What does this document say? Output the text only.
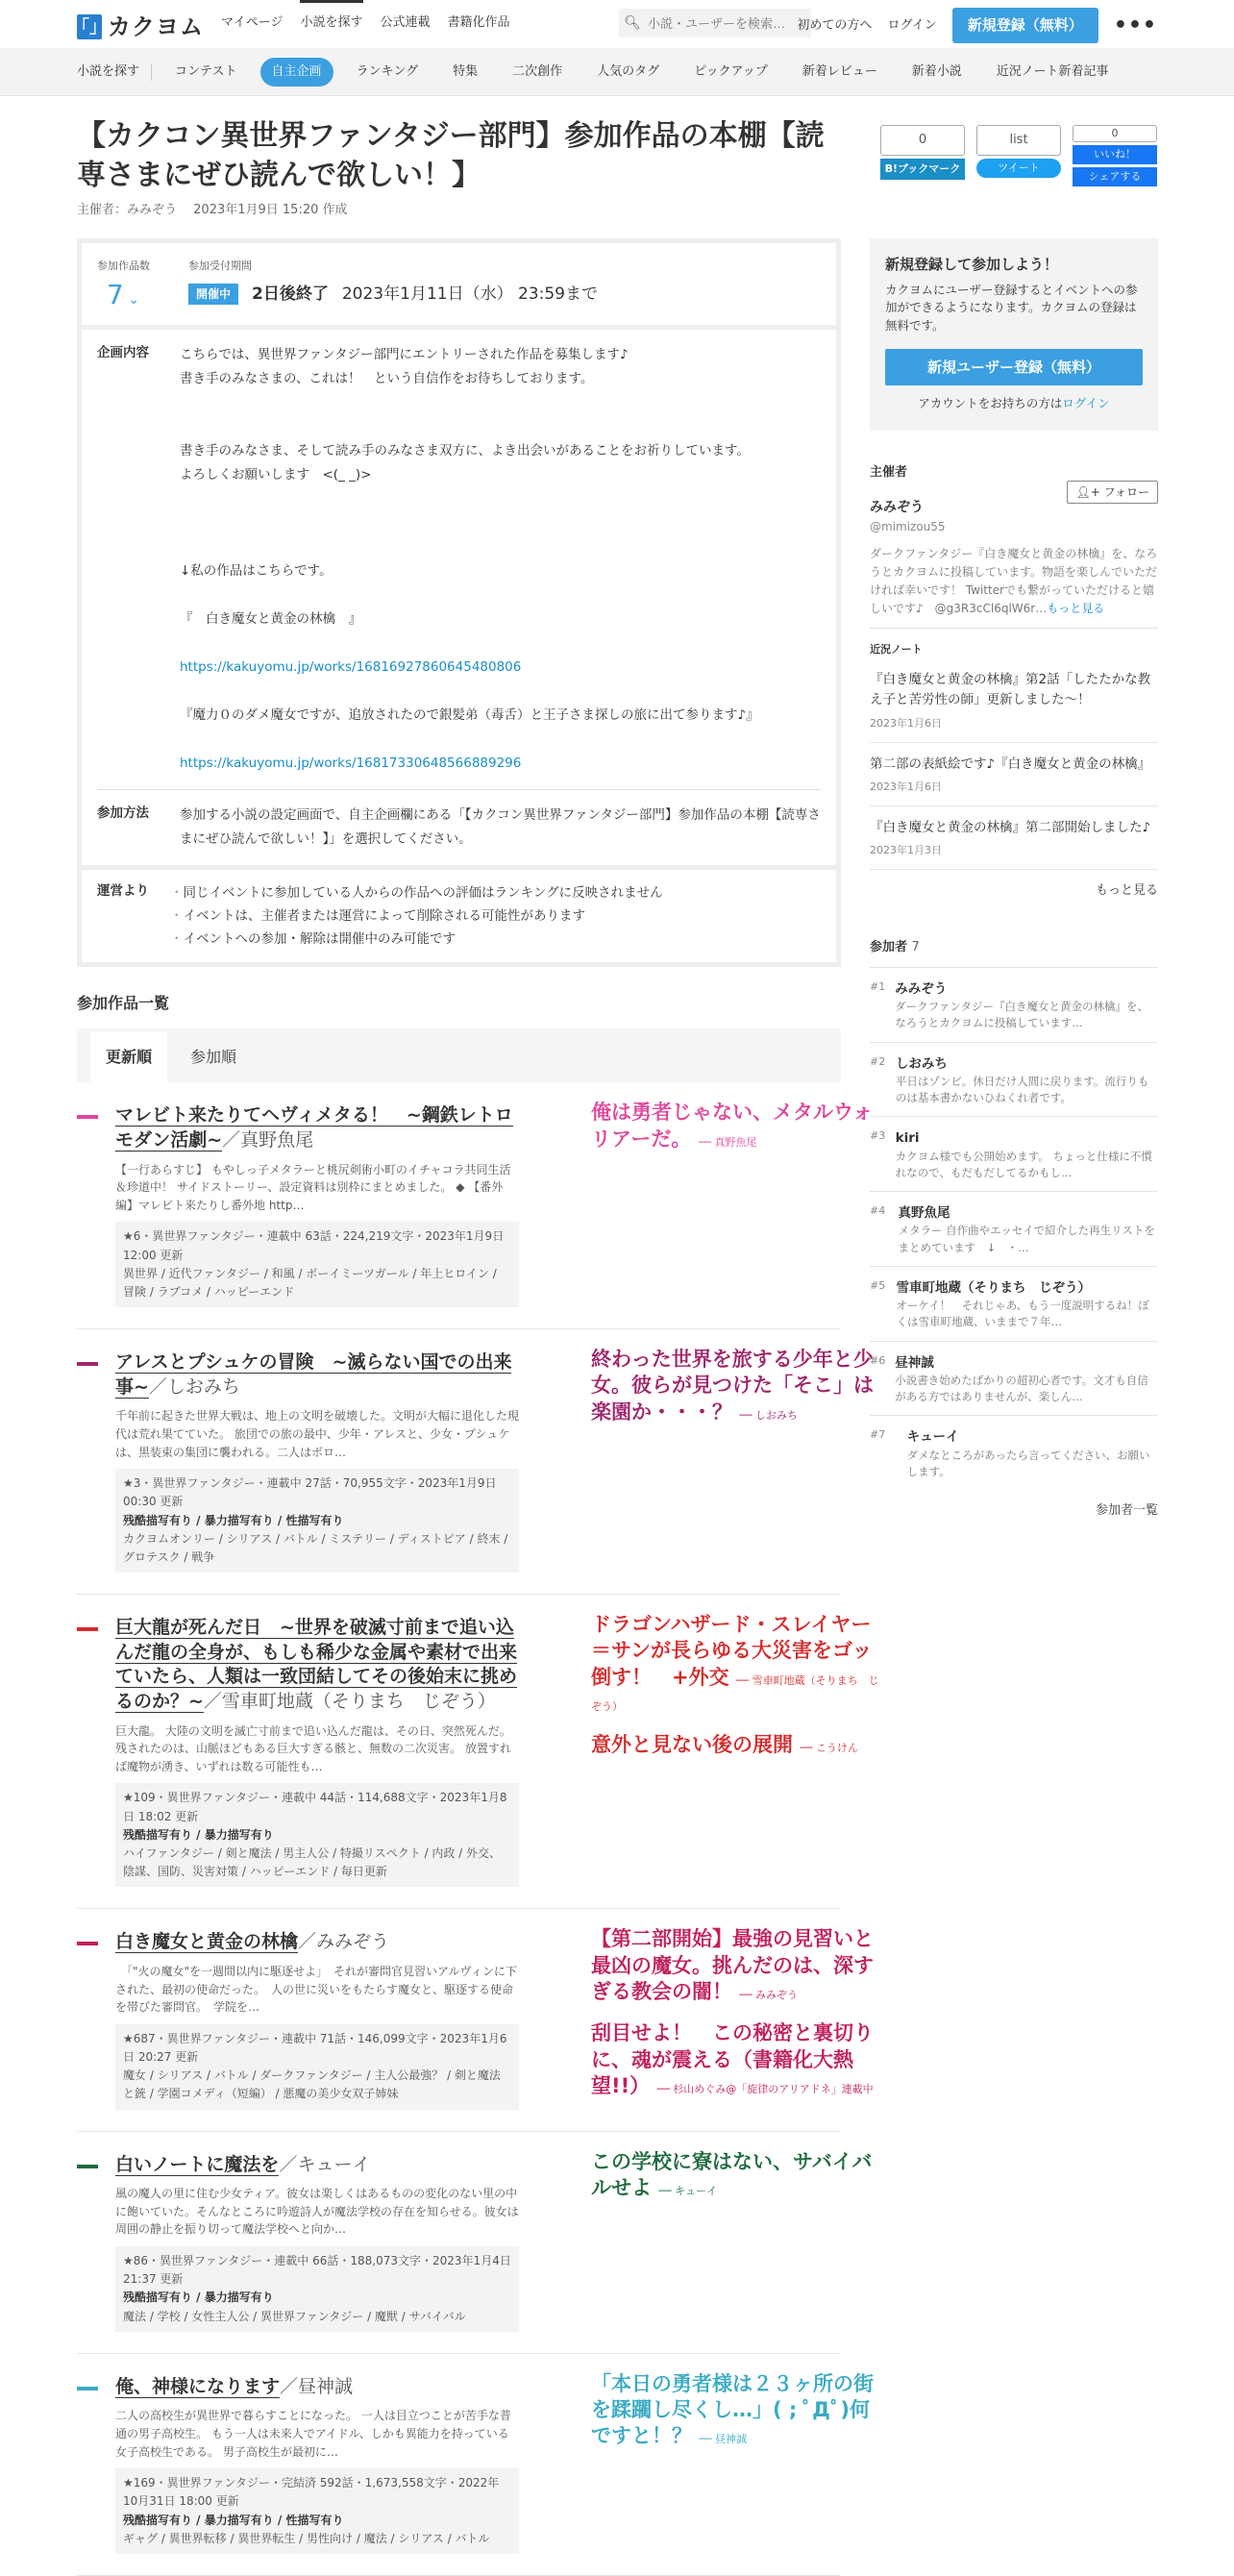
「」 カクヨム マイページ 小説を探す 公式連載 書籍化作品	🔍︎
小説・ユーザーを検索…	初めての方へ ログイン	新規登録（無料）	•••
小説を探す	コンテスト	自主企画	ランキング	特集	二次創作	人気のタグ	ピックアップ	新着レビュー	新着小説	近況ノート新着記事
【カクコン異世界ファンタジー部門】参加作品の本棚【読専さまにぜひ読んで欲しい！】
主催者：みみぞう　 2023年1月9日 15:20 作成
0
B!ブックマーク
list
ツイート
0
いいね！
シェアする
参加作品数
7 ⌄
参加受付期間
開催中	2日後終了 2023年1月11日（水） 23:59まで
企画内容	こちらでは、異世界ファンタジー部門にエントリーされた作品を募集します♪

書き手のみなさまの、これは！　という自信作をお待ちしております。

書き手のみなさま、そして読み手のみなさま双方に、よき出会いがあることをお祈りしています。

よろしくお願いします　<(_ _)>

↓私の作品はこちらです。

『　白き魔女と黄金の林檎　』

https://kakuyomu.jp/works/16816927860645480806

『魔力０のダメ魔女ですが、追放されたので銀髪弟（毒舌）と王子さま探しの旅に出て参ります♪』

https://kakuyomu.jp/works/16817330648566889296

参加方法	参加する小説の設定画面で、自主企画欄にある「【カクコン異世界ファンタジー部門】参加作品の本棚【読専さまにぜひ読んで欲しい！】」を選択してください。

運営より
・	同じイベントに参加している人からの作品への評価はランキングに反映されません
・ イベントは、主催者または運営によって削除される可能性があります
・ イベントへの参加・解除は開催中のみ可能です
参加作品一覧
更新順	参加順
マレビト来たりてヘヴィメタる！　~鋼鉄レトロモダン活劇~／真野魚尾
【一行あらすじ】 もやしっ子メタラーと桃尻剣術小町のイチャコラ共同生活＆珍道中！ サイドストーリー、設定資料は別枠にまとめました。 ◆ 【番外編】マレビト来たりし番外地 http…
★6・異世界ファンタジー・連載中 63話・224,219文字・2023年1月9日 12:00 更新
異世界 / 近代ファンタジー / 和風 / ボーイミーツガール / 年上ヒロイン / 冒険 / ラブコメ / ハッピーエンド
俺は勇者じゃない、メタルウォリアーだ。 ── 真野魚尾
アレスとプシュケの冒険　~滅らない国での出来事~／しおみち
千年前に起きた世界大戦は、地上の文明を破壊した。文明が大幅に退化した現代は荒れ果てていた。 旅団での旅の最中、少年・アレスと、少女・プシュケは、黒装束の集団に襲われる。二人はボロ…
★3・異世界ファンタジー・連載中 27話・70,955文字・2023年1月9日 00:30 更新
残酷描写有り / 暴力描写有り / 性描写有り
カクヨムオンリー / シリアス / バトル / ミステリー / ディストピア / 終末 / グロテスク / 戦争
終わった世界を旅する少年と少女。彼らが見つけた「そこ」は楽園か・・・？ ── しおみち
巨大龍が死んだ日　~世界を破滅寸前まで追い込んだ龍の全身が、もしも稀少な金属や素材で出来ていたら、人類は一致団結してその後始末に挑めるのか？~／雪車町地蔵（そりまち　じぞう）
巨大龍。 大陸の文明を滅亡寸前まで追い込んだ龍は、その日、突然死んだ。 残されたのは、山脈ほどもある巨大すぎる骸と、無数の二次災害。 放置すれば魔物が湧き、いずれは数る可能性も…
★109・異世界ファンタジー・連載中 44話・114,688文字・2023年1月8日 18:02 更新
残酷描写有り / 暴力描写有り
ハイファンタジー / 剣と魔法 / 男主人公 / 特撮リスペクト / 内政 / 外交、陰謀、国防、災害対策 / ハッピーエンド / 毎日更新
ドラゴンハザード・スレイヤー＝サンが長らゆる大災害をゴッ倒す！　+外交 ── 雪車町地蔵（そりまち　じぞう）
意外と見ない後の展開 ── こうけん
白き魔女と黄金の林檎／みみぞう
　「"火の魔女"を一週間以内に駆逐せよ」　それが審問官見習いアルヴィンに下された、最初の使命だった。　人の世に災いをもたらす魔女と、駆逐する使命を帯びた審問官。　学院を…
★687・異世界ファンタジー・連載中 71話・146,099文字・2023年1月6日 20:27 更新
魔女 / シリアス / バトル / ダークファンタジー / 主人公最強？ / 剣と魔法と銃 / 学園コメディ（短編） / 悪魔の美少女双子姉妹
【第二部開始】最強の見習いと最凶の魔女。挑んだのは、深すぎる教会の闇！ ── みみぞう
刮目せよ！　この秘密と裏切りに、魂が震える（書籍化大熱望!!） ── 杉山めぐみ@「旋律のアリアドネ」連載中
白いノートに魔法を／キューイ
風の魔人の里に住む少女ティア。彼女は楽しくはあるものの変化のない里の中に飽いていた。そんなところに吟遊詩人が魔法学校の存在を知らせる。彼女は周囲の静止を振り切って魔法学校へと向か…
★86・異世界ファンタジー・連載中 66話・188,073文字・2023年1月4日 21:37 更新
残酷描写有り / 暴力描写有り
魔法 / 学校 / 女性主人公 / 異世界ファンタジー / 魔獣 / サバイバル
この学校に寮はない、サバイバルせよ ── キューイ
俺、神様になります／昼神誠
二人の高校生が異世界で暮らすことになった。 一人は目立つことが苦手な普通の男子高校生。 もう一人は未来人でアイドル、しかも異能力を持っている女子高校生である。 男子高校生が最初に…
★169・異世界ファンタジー・完結済 592話・1,673,558文字・2022年10月31日 18:00 更新
残酷描写有り / 暴力描写有り / 性描写有り
ギャグ / 異世界転移 / 異世界転生 / 男性向け / 魔法 / シリアス / バトル
「本日の勇者様は２３ヶ所の街を蹂躙し尽くし…」( ; ﾟДﾟ)何ですと！？ ── 昼神誠
新規登録して参加しよう！
カクヨムにユーザー登録するとイベントへの参加ができるようになります。カクヨムの登録は無料です。
新規ユーザー登録（無料）
アカウントをお持ちの方はログイン
主催者
みみぞう
@mimizou55
👤︎+ フォロー
ダークファンタジー『白き魔女と黄金の林檎』を、なろうとカクヨムに投稿しています。物語を楽しんでいただければ幸いです！ Twitterでも繋がっていただけると嬉しいです♪　@g3R3cCl6qlW6r…もっと見る
近況ノート
『白き魔女と黄金の林檎』第2話「したたかな教え子と苦労性の師」更新しました～！
2023年1月6日
第二部の表紙絵です♪『白き魔女と黄金の林檎』
2023年1月6日
『白き魔女と黄金の林檎』第二部開始しました♪
2023年1月3日
もっと見る
参加者 7
#1 みみぞう
ダークファンタジー『白き魔女と黄金の林檎』を、なろうとカクヨムに投稿しています…
#2 しおみち
平日はゾンビ。休日だけ人間に戻ります。流行りものは基本書かないひねくれ者です。
#3 kiri
カクヨム様でも公開始めます。 ちょっと仕様に不慣れなので、もだもだしてるかもし…
#4 真野魚尾
メタラー 自作曲やエッセイで紹介した再生リストをまとめています　↓　・…
#5 雪車町地蔵（そりまち　じぞう）
オーケイ！　それじゃあ、もう一度説明するね！ぼくは雪車町地蔵、いままで７年…
#6 昼神誠
小説書き始めたばかりの超初心者です。文才も自信がある方ではありませんが、楽しん…
#7	キューイ
ダメなところがあったら言ってください、お願いします。
参加者一覧
